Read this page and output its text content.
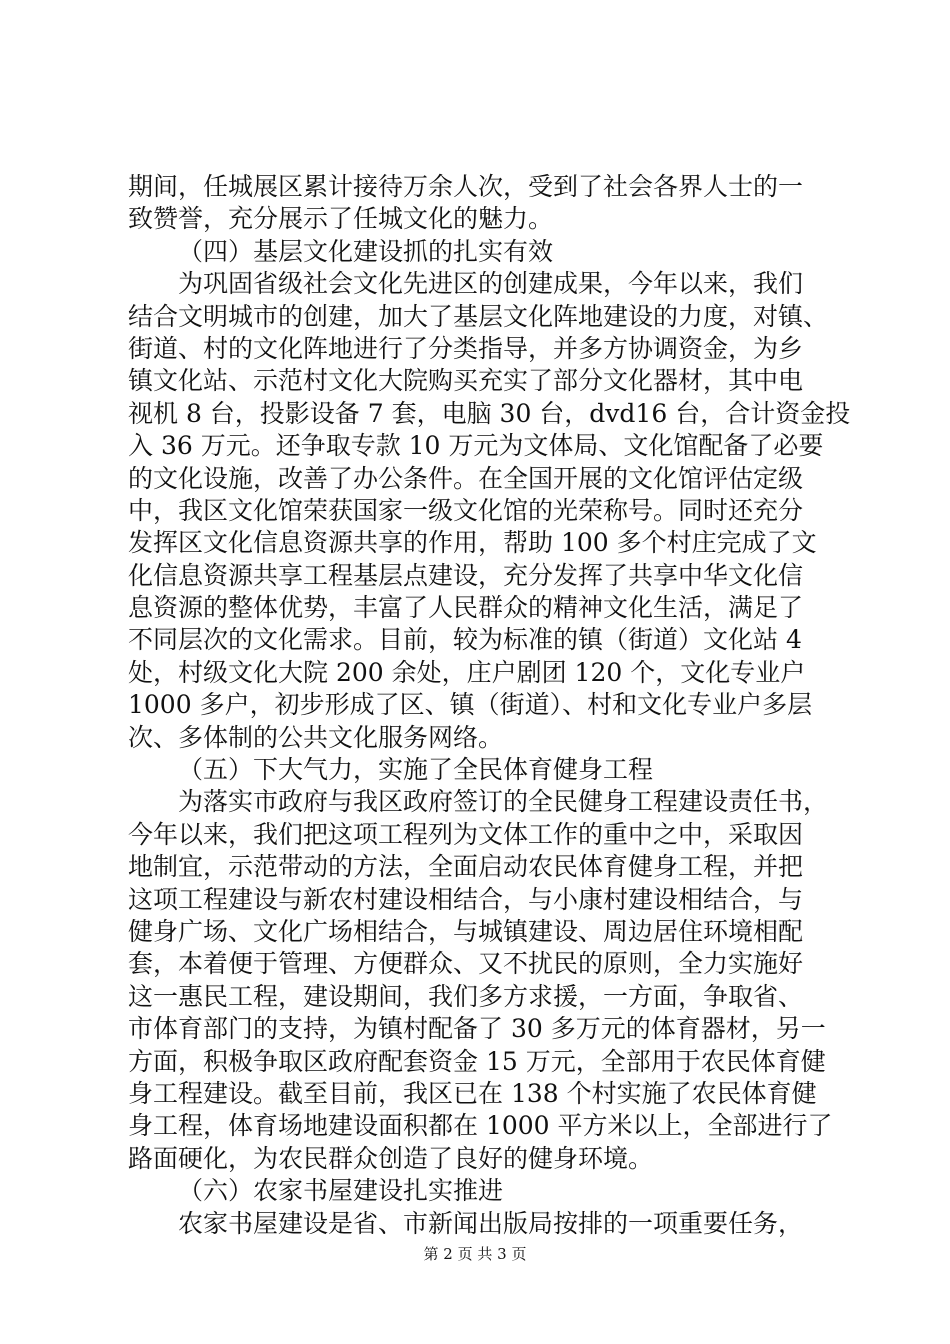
期间，任城展区累计接待万余人次，受到了社会各界人士的一
致赞誉，充分展示了任城文化的魅力。
（四）基层文化建设抓的扎实有效
为巩固省级社会文化先进区的创建成果，今年以来，我们
结合文明城市的创建，加大了基层文化阵地建设的力度，对镇、
街道、村的文化阵地进行了分类指导，并多方协调资金，为乡
镇文化站、示范村文化大院购买充实了部分文化器材，其中电
视机 8 台，投影设备 7 套，电脑 30 台，dvd16 台，合计资金投
入 36 万元。还争取专款 10 万元为文体局、文化馆配备了必要
的文化设施，改善了办公条件。在全国开展的文化馆评估定级
中，我区文化馆荣获国家一级文化馆的光荣称号。同时还充分
发挥区文化信息资源共享的作用，帮助 100 多个村庄完成了文
化信息资源共享工程基层点建设，充分发挥了共享中华文化信
息资源的整体优势，丰富了人民群众的精神文化生活，满足了
不同层次的文化需求。目前，较为标准的镇（街道）文化站 4
处，村级文化大院 200 余处，庄户剧团 120 个，文化专业户
1000 多户，初步形成了区、镇（街道）、村和文化专业户多层
次、多体制的公共文化服务网络。
（五）下大气力，实施了全民体育健身工程
为落实市政府与我区政府签订的全民健身工程建设责任书，
今年以来，我们把这项工程列为文体工作的重中之中，采取因
地制宜，示范带动的方法，全面启动农民体育健身工程，并把
这项工程建设与新农村建设相结合，与小康村建设相结合，与
健身广场、文化广场相结合，与城镇建设、周边居住环境相配
套，本着便于管理、方便群众、又不扰民的原则，全力实施好
这一惠民工程，建设期间，我们多方求援，一方面，争取省、
市体育部门的支持，为镇村配备了 30 多万元的体育器材，另一
方面，积极争取区政府配套资金 15 万元，全部用于农民体育健
身工程建设。截至目前，我区已在 138 个村实施了农民体育健
身工程，体育场地建设面积都在 1000 平方米以上，全部进行了
路面硬化，为农民群众创造了良好的健身环境。
（六）农家书屋建设扎实推进
农家书屋建设是省、市新闻出版局按排的一项重要任务，
第 2 页 共 3 页
